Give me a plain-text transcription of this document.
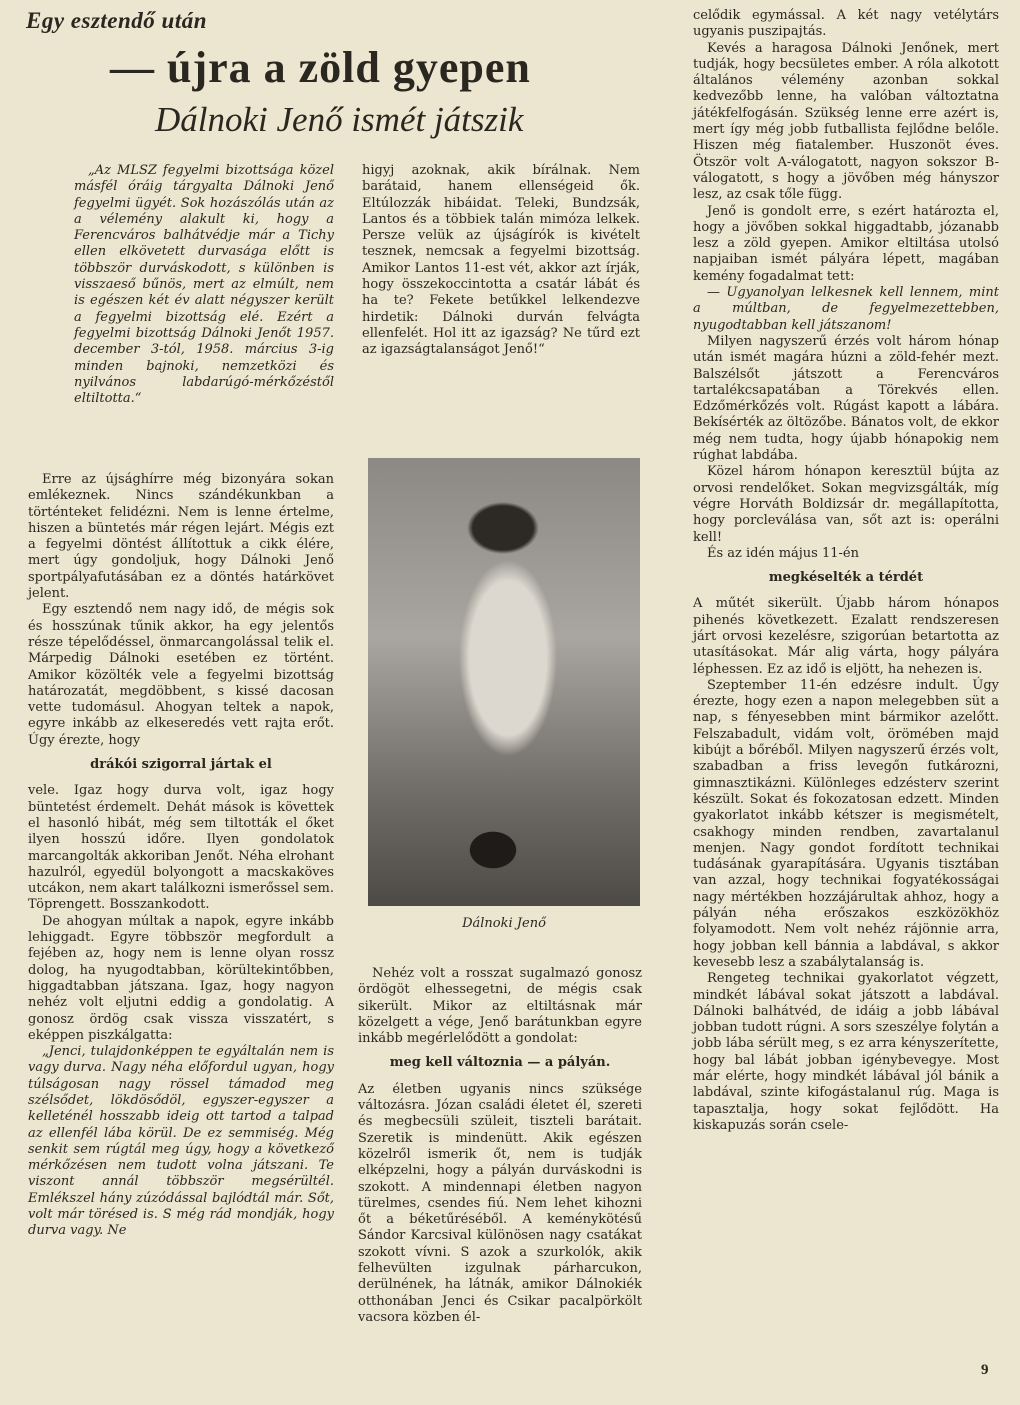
Egy esztendő után
— újra a zöld gyepen
Dálnoki Jenő ismét játszik

„Az MLSZ fegyelmi bizottsága közel másfél óráig tárgyalta Dálnoki Jenő fegyelmi ügyét. Sok hozászólás után az a vélemény alakult ki, hogy a Ferencváros balhátvédje már a Tichy ellen elkövetett durvasága előtt is többször durváskodott, s különben is visszaeső bűnös, mert az elmúlt, nem is egészen két év alatt négyszer került a fegyelmi bizottság elé. Ezért a fegyelmi bizottság Dálnoki Jenőt 1957. december 3-tól, 1958. március 3-ig minden bajnoki, nemzetközi és nyilvános labdarúgó-mérkőzéstől eltiltotta.“

Erre az újsághírre még bizonyára sokan emlékeznek. Nincs szándékunkban a történteket felidézni. Nem is lenne értelme, hiszen a büntetés már régen lejárt. Mégis ezt a fegyelmi döntést állítottuk a cikk élére, mert úgy gondoljuk, hogy Dálnoki Jenő sportpályafutásában ez a döntés határkövet jelent.

Egy esztendő nem nagy idő, de mégis sok és hosszúnak tűnik akkor, ha egy jelentős része tépelődéssel, önmarcangolással telik el. Márpedig Dálnoki esetében ez történt. Amikor közölték vele a fegyelmi bizottság határozatát, megdöbbent, s kissé dacosan vette tudomásul. Ahogyan teltek a napok, egyre inkább az elkeseredés vett rajta erőt. Úgy érezte, hogy

drákói szigorral jártak el

vele. Igaz hogy durva volt, igaz hogy büntetést érdemelt. Dehát mások is követtek el hasonló hibát, még sem tiltották el őket ilyen hosszú időre. Ilyen gondolatok marcangolták akkoriban Jenőt. Néha elrohant hazulról, egyedül bolyongott a macskaköves utcákon, nem akart találkozni ismerőssel sem. Töprengett. Bosszankodott.

De ahogyan múltak a napok, egyre inkább lehiggadt. Egyre többször megfordult a fejében az, hogy nem is lenne olyan rossz dolog, ha nyugodtabban, körültekintőbben, higgadtabban játszana. Igaz, hogy nagyon nehéz volt eljutni eddig a gondolatig. A gonosz ördög csak vissza visszatért, s eképpen piszkálgatta:

„Jenci, tulajdonképpen te egyáltalán nem is vagy durva. Nagy néha előfordul ugyan, hogy túlságosan nagy rössel támadod meg szélsődet, lökdösődöl, egyszer-egyszer a kelleténél hosszabb ideig ott tartod a talpad az ellenfél lába körül. De ez semmiség. Még senkit sem rúgtál meg úgy, hogy a következő mérkőzésen nem tudott volna játszani. Te viszont annál többször megsérültél. Emlékszel hány zúzódással bajlódtál már. Sőt, volt már törésed is. S még rád mondják, hogy durva vagy. Ne

higyj azoknak, akik bírálnak. Nem barátaid, hanem ellenségeid ők. Eltúlozzák hibáidat. Teleki, Bundzsák, Lantos és a többiek talán mimóza lelkek. Persze velük az újságírók is kivételt tesznek, nemcsak a fegyelmi bizottság. Amikor Lantos 11-est vét, akkor azt írják, hogy összekoccintotta a csatár lábát és ha te? Fekete betűkkel lelkendezve hirdetik: Dálnoki durván felvágta ellenfelét. Hol itt az igazság? Ne tűrd ezt az igazságtalanságot Jenő!“

Dálnoki Jenő

Nehéz volt a rosszat sugalmazó gonosz ördögöt elhessegetni, de mégis csak sikerült. Mikor az eltiltásnak már közelgett a vége, Jenő barátunkban egyre inkább megérlelődött a gondolat:

meg kell változnia — a pályán.

Az életben ugyanis nincs szüksége változásra. Józan családi életet él, szereti és megbecsüli szüleit, tiszteli barátait. Szeretik is mindenütt. Akik egészen közelről ismerik őt, nem is tudják elképzelni, hogy a pályán durváskodni is szokott. A mindennapi életben nagyon türelmes, csendes fiú. Nem lehet kihozni őt a béketűréséből. A keménykötésű Sándor Karcsival különösen nagy csatákat szokott vívni. S azok a szurkolók, akik felhevülten izgulnak párharcukon, derülnének, ha látnák, amikor Dálnokiék otthonában Jenci és Csikar pacalpörkölt vacsora közben él-

celődik egymással. A két nagy vetélytárs ugyanis puszipajtás.

Kevés a haragosa Dálnoki Jenőnek, mert tudják, hogy becsületes ember. A róla alkotott általános vélemény azonban sokkal kedvezőbb lenne, ha valóban változtatna játékfelfogásán. Szükség lenne erre azért is, mert így még jobb futballista fejlődne belőle. Hiszen még fiatalember. Huszonöt éves. Ötször volt A-válogatott, nagyon sokszor B-válogatott, s hogy a jövőben még hányszor lesz, az csak tőle függ.

Jenő is gondolt erre, s ezért határozta el, hogy a jövőben sokkal higgadtabb, józanabb lesz a zöld gyepen. Amikor eltiltása utolsó napjaiban ismét pályára lépett, magában kemény fogadalmat tett:

— Ugyanolyan lelkesnek kell lennem, mint a múltban, de fegyelmezettebben, nyugodtabban kell játszanom!

Milyen nagyszerű érzés volt három hónap után ismét magára húzni a zöld-fehér mezt. Balszélsőt játszott a Ferencváros tartalékcsapatában a Törekvés ellen. Edzőmérkőzés volt. Rúgást kapott a lábára. Bekísérték az öltözőbe. Bánatos volt, de ekkor még nem tudta, hogy újabb hónapokig nem rúghat labdába.

Közel három hónapon keresztül bújta az orvosi rendelőket. Sokan megvizsgálták, míg végre Horváth Boldizsár dr. megállapította, hogy porcleválása van, sőt azt is: operálni kell!

És az idén május 11-én

megkéselték a térdét

A műtét sikerült. Újabb három hónapos pihenés következett. Ezalatt rendszeresen járt orvosi kezelésre, szigorúan betartotta az utasításokat. Már alig várta, hogy pályára léphessen. Ez az idő is eljött, ha nehezen is.

Szeptember 11-én edzésre indult. Úgy érezte, hogy ezen a napon melegebben süt a nap, s fényesebben mint bármikor azelőtt. Felszabadult, vidám volt, örömében majd kibújt a bőréből. Milyen nagyszerű érzés volt, szabadban a friss levegőn futkározni, gimnasztikázni. Különleges edzésterv szerint készült. Sokat és fokozatosan edzett. Minden gyakorlatot inkább kétszer is megismételt, csakhogy minden rendben, zavartalanul menjen. Nagy gondot fordított technikai tudásának gyarapítására. Ugyanis tisztában van azzal, hogy technikai fogyatékosságai nagy mértékben hozzájárultak ahhoz, hogy a pályán néha erőszakos eszközökhöz folyamodott. Nem volt nehéz rájönnie arra, hogy jobban kell bánnia a labdával, s akkor kevesebb lesz a szabálytalanság is.

Rengeteg technikai gyakorlatot végzett, mindkét lábával sokat játszott a labdával. Dálnoki balhátvéd, de idáig a jobb lábával jobban tudott rúgni. A sors szeszélye folytán a jobb lába sérült meg, s ez arra kényszerítette, hogy bal lábát jobban igénybevegye. Most már elérte, hogy mindkét lábával jól bánik a labdával, szinte kifogástalanul rúg. Maga is tapasztalja, hogy sokat fejlődött. Ha kiskapuzás során csele-

9
